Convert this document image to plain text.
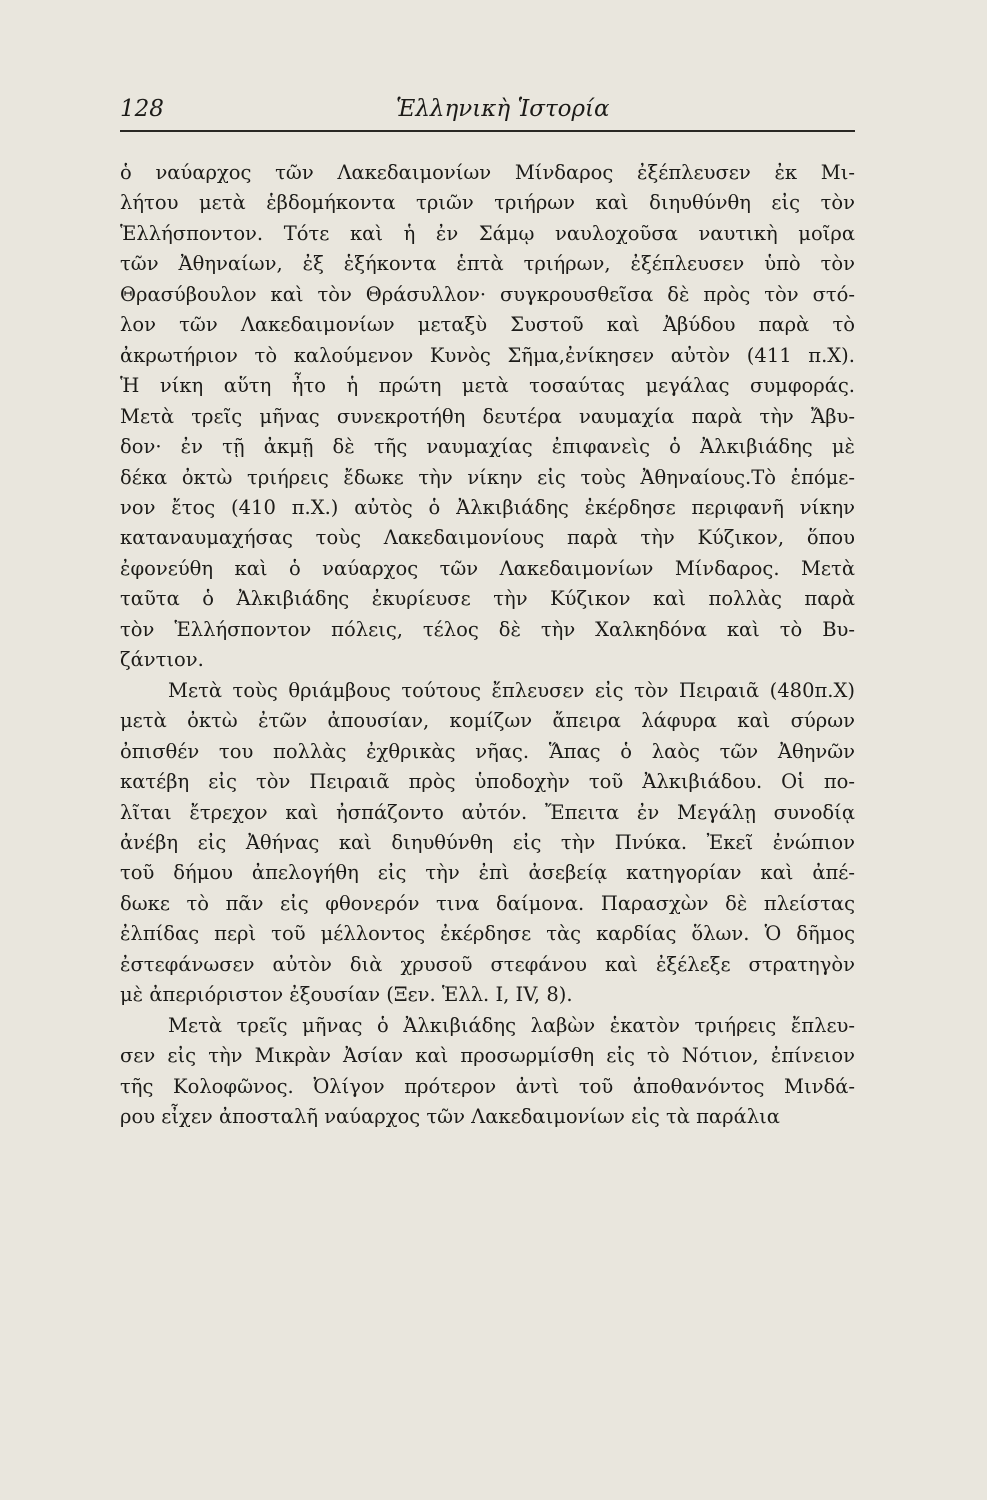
128	Ἑλληνικὴ Ἱστορία

ὁ ναύαρχος τῶν Λακεδαιμονίων Μίνδαρος ἐξέπλευσεν ἐκ Μι-
λήτου μετὰ ἑβδομήκοντα τριῶν τριήρων καὶ διηυθύνθη εἰς τὸν
Ἑλλήσποντον. Τότε καὶ ἡ ἐν Σάμῳ ναυλοχοῦσα ναυτικὴ μοῖρα
τῶν Ἀθηναίων, ἐξ ἑξήκοντα ἑπτὰ τριήρων, ἐξέπλευσεν ὑπὸ τὸν
Θρασύβουλον καὶ τὸν Θράσυλλον· συγκρουσθεῖσα δὲ πρὸς τὸν στό-
λον τῶν Λακεδαιμονίων μεταξὺ Συστοῦ καὶ Ἀβύδου παρὰ τὸ
ἀκρωτήριον τὸ καλούμενον Κυνὸς Σῆμα,ἐνίκησεν αὐτὸν (411 π.Χ).
Ἡ νίκη αὕτη ἦτο ἡ πρώτη μετὰ τοσαύτας μεγάλας συμφοράς.
Μετὰ τρεῖς μῆνας συνεκροτήθη δευτέρα ναυμαχία παρὰ τὴν Ἄβυ-
δον· ἐν τῇ ἀκμῇ δὲ τῆς ναυμαχίας ἐπιφανεὶς ὁ Ἀλκιβιάδης μὲ
δέκα ὀκτὼ τριήρεις ἔδωκε τὴν νίκην εἰς τοὺς Ἀθηναίους.Τὸ ἑπόμε-
νον ἔτος (410 π.Χ.) αὐτὸς ὁ Ἀλκιβιάδης ἐκέρδησε περιφανῆ νίκην
καταναυμαχήσας τοὺς Λακεδαιμονίους παρὰ τὴν Κύζικον, ὅπου
ἐφονεύθη καὶ ὁ ναύαρχος τῶν Λακεδαιμονίων Μίνδαρος. Μετὰ
ταῦτα ὁ Ἀλκιβιάδης ἐκυρίευσε τὴν Κύζικον καὶ πολλὰς παρὰ
τὸν Ἑλλήσποντον πόλεις, τέλος δὲ τὴν Χαλκηδόνα καὶ τὸ Βυ-
ζάντιον.

Μετὰ τοὺς θριάμβους τούτους ἔπλευσεν εἰς τὸν Πειραιᾶ (480π.Χ)
μετὰ ὀκτὼ ἐτῶν ἀπουσίαν, κομίζων ἄπειρα λάφυρα καὶ σύρων
ὀπισθέν του πολλὰς ἐχθρικὰς νῆας. Ἅπας ὁ λαὸς τῶν Ἀθηνῶν
κατέβη εἰς τὸν Πειραιᾶ πρὸς ὑποδοχὴν τοῦ Ἀλκιβιάδου. Οἱ πο-
λῖται ἔτρεχον καὶ ἠσπάζοντο αὐτόν. Ἔπειτα ἐν Μεγάλῃ συνοδίᾳ
ἀνέβη εἰς Ἀθήνας καὶ διηυθύνθη εἰς τὴν Πνύκα. Ἐκεῖ ἐνώπιον
τοῦ δήμου ἀπελογήθη εἰς τὴν ἐπὶ ἀσεβείᾳ κατηγορίαν καὶ ἀπέ-
δωκε τὸ πᾶν εἰς φθονερόν τινα δαίμονα. Παρασχὼν δὲ πλείστας
ἐλπίδας περὶ τοῦ μέλλοντος ἐκέρδησε τὰς καρδίας ὅλων. Ὁ δῆμος
ἐστεφάνωσεν αὐτὸν διὰ χρυσοῦ στεφάνου καὶ ἐξέλεξε στρατηγὸν
μὲ ἀπεριόριστον ἐξουσίαν (Ξεν. Ἑλλ. Ι, ΙV, 8).

Μετὰ τρεῖς μῆνας ὁ Ἀλκιβιάδης λαβὼν ἑκατὸν τριήρεις ἔπλευ-
σεν εἰς τὴν Μικρὰν Ἀσίαν καὶ προσωρμίσθη εἰς τὸ Νότιον, ἐπίνειον
τῆς Κολοφῶνος. Ὀλίγον πρότερον ἀντὶ τοῦ ἀποθανόντος Μινδά-
ρου εἶχεν ἀποσταλῆ ναύαρχος τῶν Λακεδαιμονίων εἰς τὰ παράλια
